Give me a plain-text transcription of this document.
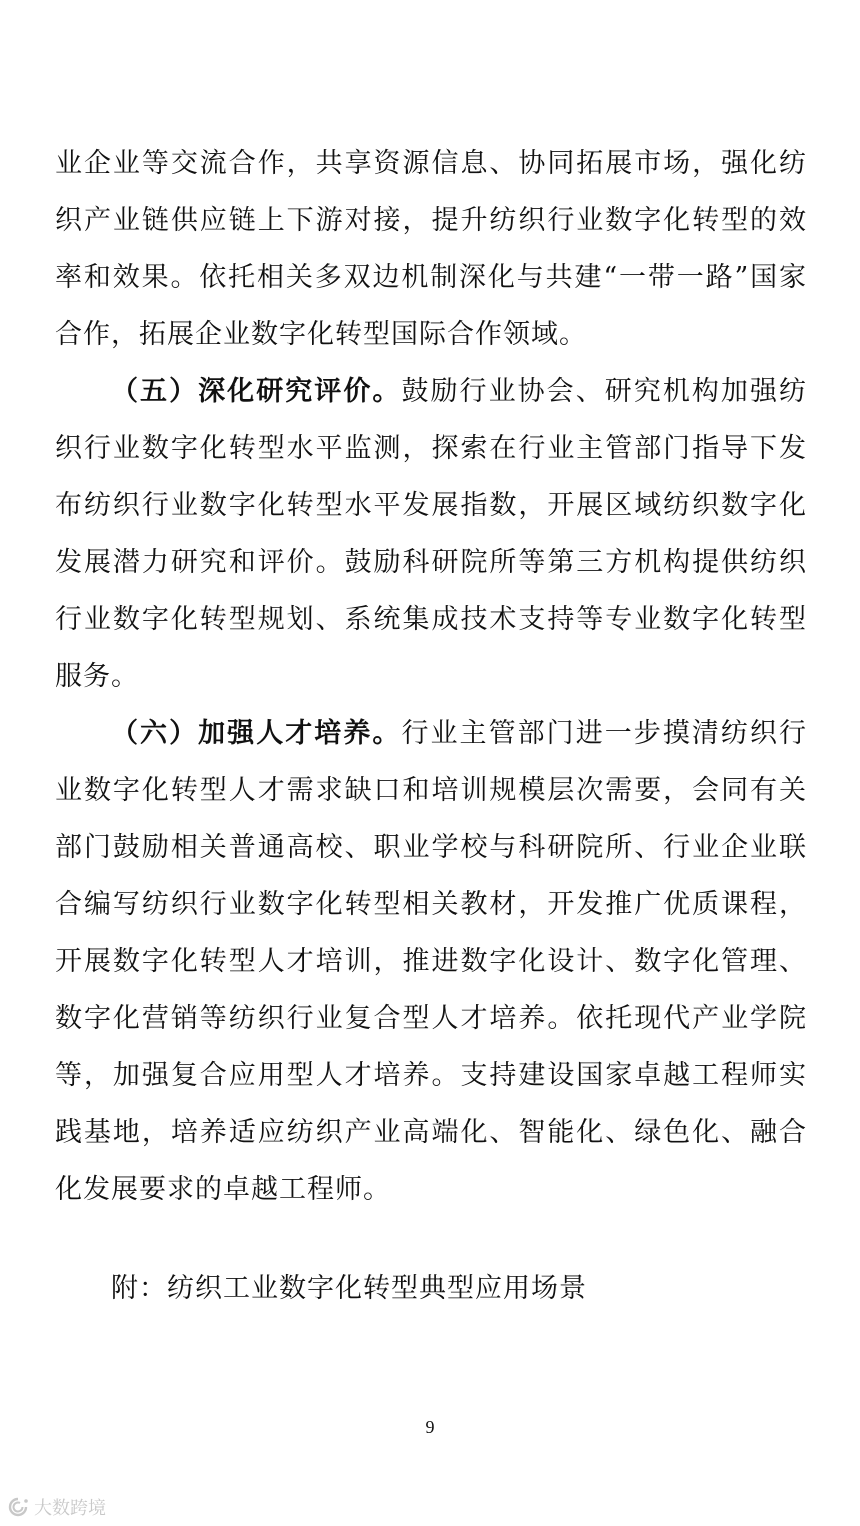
业企业等交流合作，共享资源信息、协同拓展市场，强化纺
织产业链供应链上下游对接，提升纺织行业数字化转型的效
率和效果。依托相关多双边机制深化与共建“一带一路”国家
合作，拓展企业数字化转型国际合作领域。
（五）深化研究评价。鼓励行业协会、研究机构加强纺
织行业数字化转型水平监测，探索在行业主管部门指导下发
布纺织行业数字化转型水平发展指数，开展区域纺织数字化
发展潜力研究和评价。鼓励科研院所等第三方机构提供纺织
行业数字化转型规划、系统集成技术支持等专业数字化转型
服务。
（六）加强人才培养。行业主管部门进一步摸清纺织行
业数字化转型人才需求缺口和培训规模层次需要，会同有关
部门鼓励相关普通高校、职业学校与科研院所、行业企业联
合编写纺织行业数字化转型相关教材，开发推广优质课程，
开展数字化转型人才培训，推进数字化设计、数字化管理、
数字化营销等纺织行业复合型人才培养。依托现代产业学院
等，加强复合应用型人才培养。支持建设国家卓越工程师实
践基地，培养适应纺织产业高端化、智能化、绿色化、融合
化发展要求的卓越工程师。
附：纺织工业数字化转型典型应用场景
9
大数跨境
